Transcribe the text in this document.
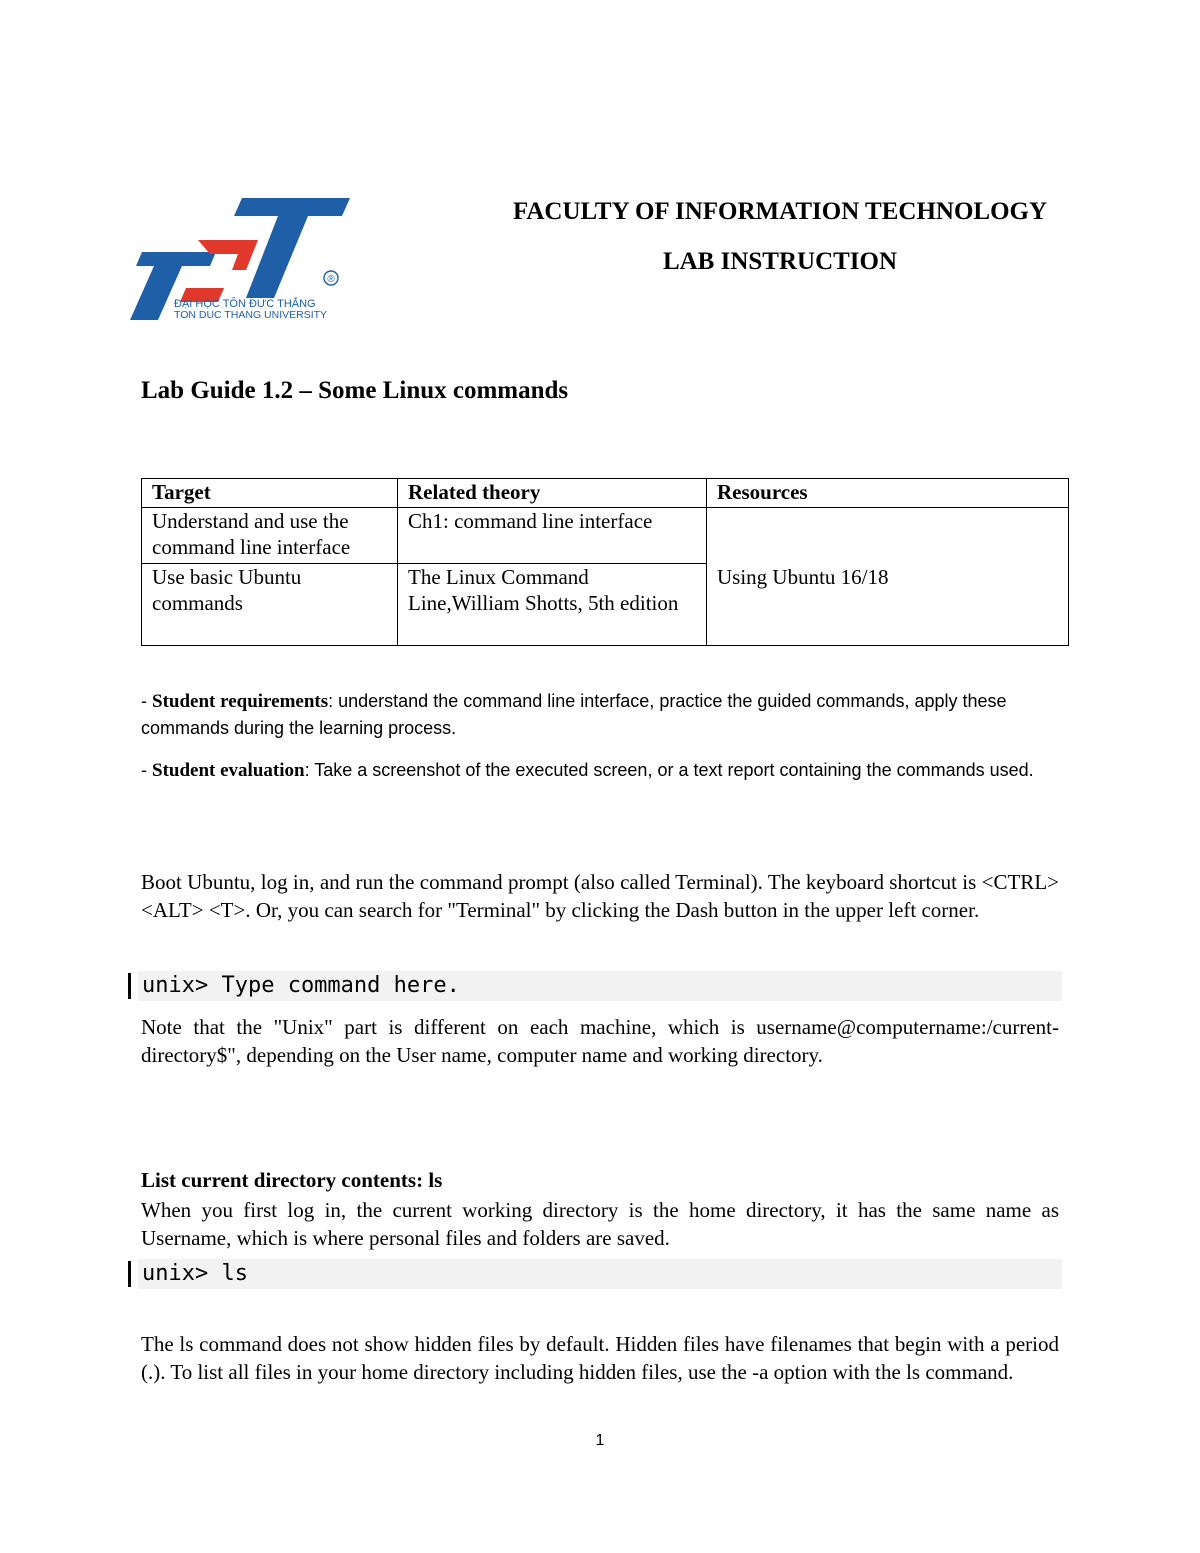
®
ĐẠI HỌC TÔN ĐỨC THẮNG
TON DUC THANG UNIVERSITY
FACULTY OF INFORMATION TECHNOLOGY
LAB INSTRUCTION
Lab Guide 1.2 – Some Linux commands
Target	Related theory	Resources
Understand and use the command line interface	Ch1: command line interface	Using Ubuntu 16/18
Use basic Ubuntu commands	The Linux Command Line,William Shotts, 5th edition	
- Student requirements: understand the command line interface, practice the guided commands, apply these commands during the learning process.
- Student evaluation: Take a screenshot of the executed screen, or a text report containing the commands used.
Boot Ubuntu, log in, and run the command prompt (also called Terminal). The keyboard shortcut is <CTRL> <ALT> <T>. Or, you can search for "Terminal" by clicking the Dash button in the upper left corner.
unix> Type command here.
Note that the "Unix" part is different on each machine, which is username@computername:/current-directory$", depending on the User name, computer name and working directory.
List current directory contents: ls
When you first log in, the current working directory is the home directory, it has the same name as Username, which is where personal files and folders are saved.
unix> ls
The ls command does not show hidden files by default. Hidden files have filenames that begin with a period (.). To list all files in your home directory including hidden files, use the -a option with the ls command.
1
